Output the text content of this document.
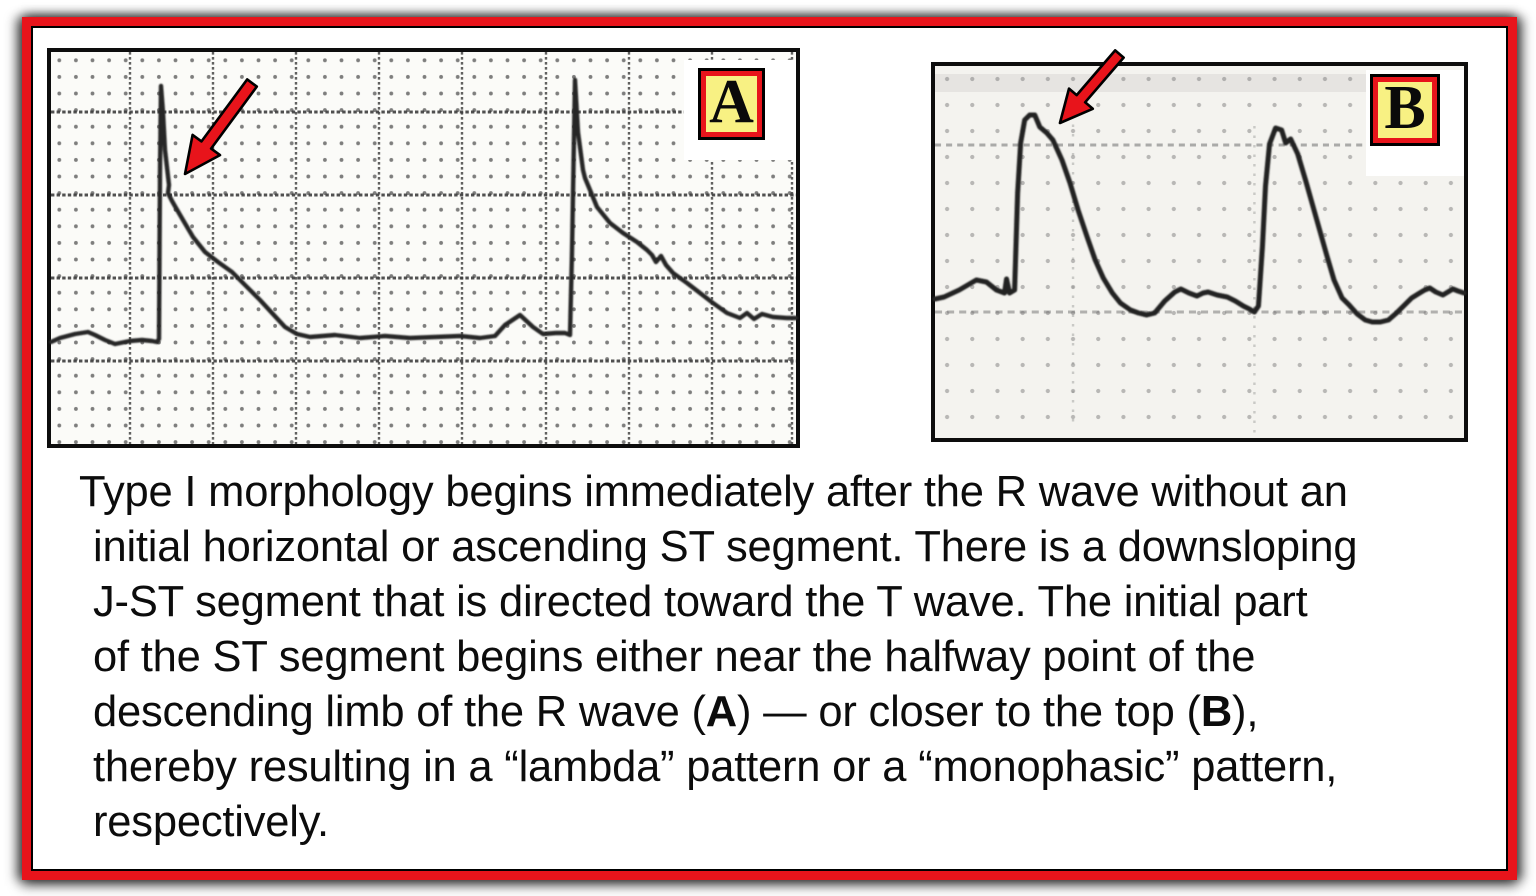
A	B
Type I morphology begins immediately after the R wave without an
initial horizontal or ascending ST segment. There is a downsloping
J-ST segment that is directed toward the T wave. The initial part
of the ST segment begins either near the halfway point of the
descending limb of the R wave (A) — or closer to the top (B),
thereby resulting in a “lambda” pattern or a “monophasic” pattern,
respectively.
